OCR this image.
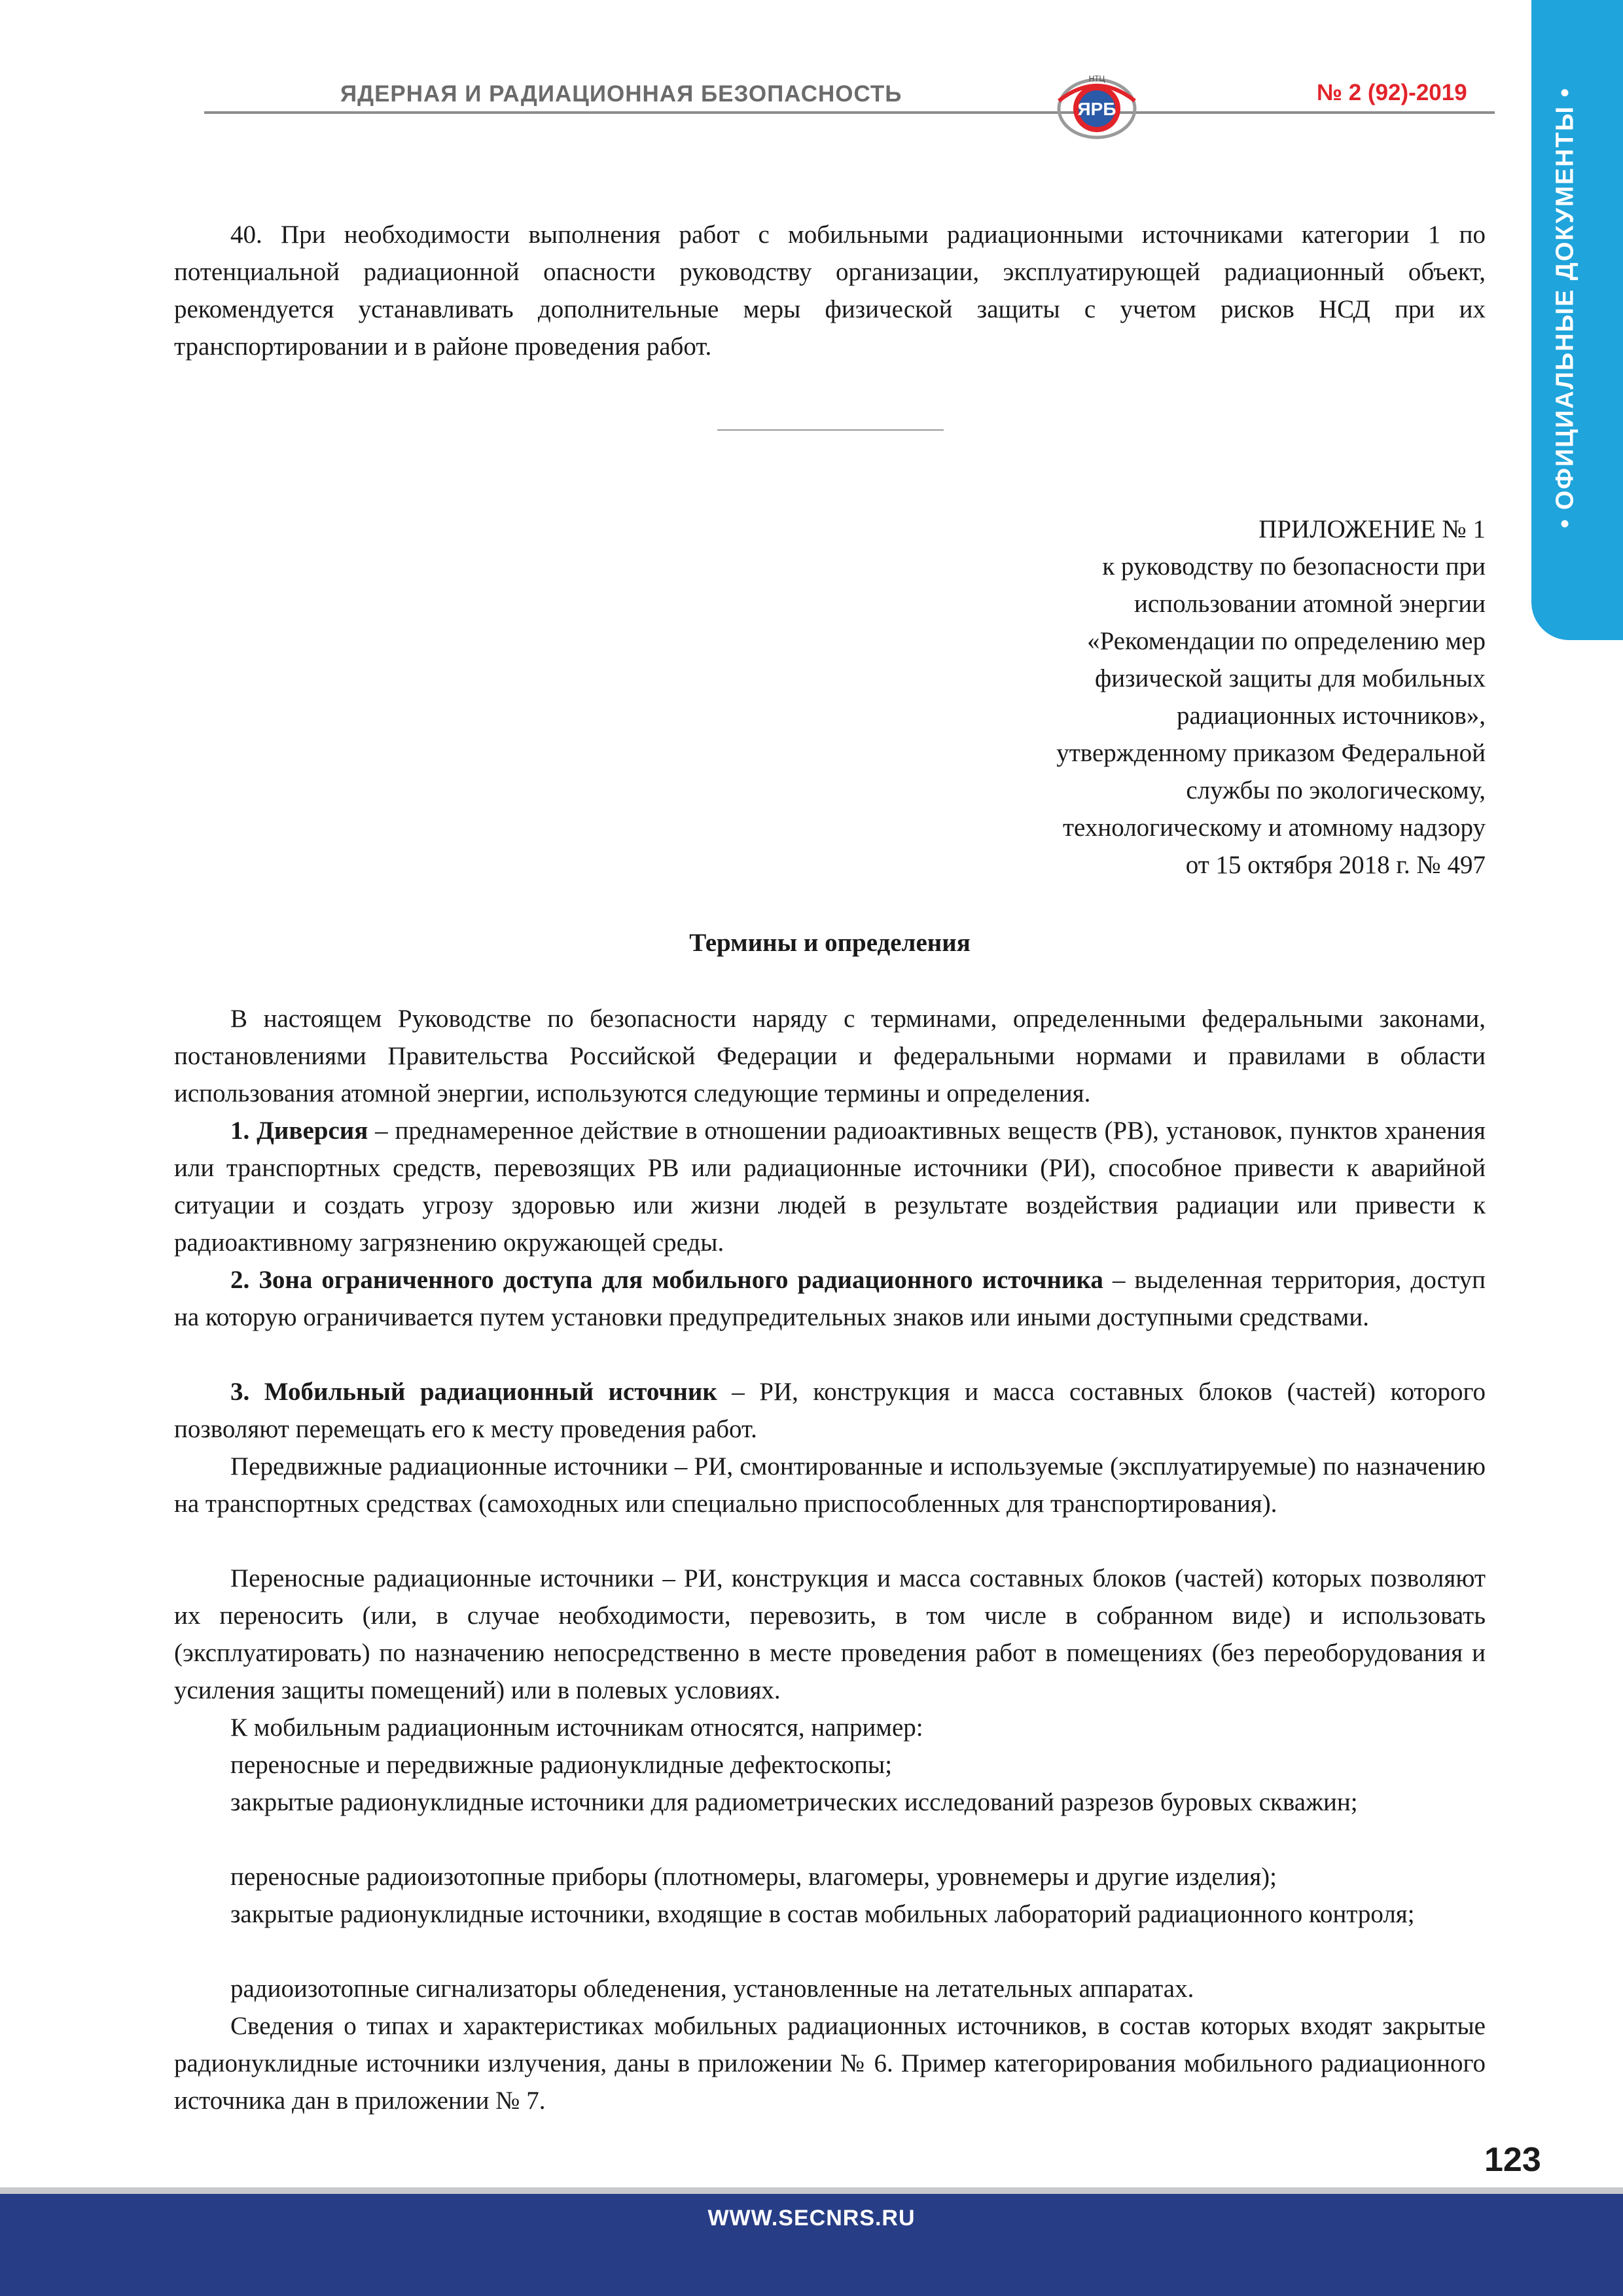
ЯДЕРНАЯ И РАДИАЦИОННАЯ БЕЗОПАСНОСТЬ	№ 2 (92)-2019
НТЦ
ЯРБ	• ОФИЦИАЛЬНЫЕ ДОКУМЕНТЫ •
40. При необходимости выполнения работ с мобильными радиационными источниками категории 1 по потенциальной радиационной опасности руководству организации, эксплуатирующей радиационный объект, рекомендуется устанавливать дополнительные меры физической защиты с учетом рисков НСД при их транспортировании и в районе проведения работ.
ПРИЛОЖЕНИЕ № 1
к руководству по безопасности при
использовании атомной энергии
«Рекомендации по определению мер
физической защиты для мобильных
радиационных источников»,
утвержденному приказом Федеральной
службы по экологическому,
технологическому и атомному надзору
от 15 октября 2018 г. № 497
Термины и определения
В настоящем Руководстве по безопасности наряду с терминами, определенными федеральными законами, постановлениями Правительства Российской Федерации и федеральными нормами и правилами в области использования атомной энергии, используются следующие термины и определения.
1. Диверсия – преднамеренное действие в отношении радиоактивных веществ (РВ), установок, пунктов хранения или транспортных средств, перевозящих РВ или радиационные источники (РИ), способное привести к аварийной ситуации и создать угрозу здоровью или жизни людей в результате воздействия радиации или привести к радиоактивному загрязнению окружающей среды.
2. Зона ограниченного доступа для мобильного радиационного источника – выделенная территория, доступ на которую ограничивается путем установки предупредительных знаков или иными доступными средствами.
3. Мобильный радиационный источник – РИ, конструкция и масса составных блоков (частей) которого позволяют перемещать его к месту проведения работ.
Передвижные радиационные источники – РИ, смонтированные и используемые (эксплуатируемые) по назначению на транспортных средствах (самоходных или специально приспособленных для транспортирования).
Переносные радиационные источники – РИ, конструкция и масса составных блоков (частей) которых позволяют их переносить (или, в случае необходимости, перевозить, в том числе в собранном виде) и использовать (эксплуатировать) по назначению непосредственно в месте проведения работ в помещениях (без переоборудования и усиления защиты помещений) или в полевых условиях.
К мобильным радиационным источникам относятся, например:
переносные и передвижные радионуклидные дефектоскопы;
закрытые радионуклидные источники для радиометрических исследований разрезов буровых скважин;
переносные радиоизотопные приборы (плотномеры, влагомеры, уровнемеры и другие изделия);
закрытые радионуклидные источники, входящие в состав мобильных лабораторий радиационного контроля;
радиоизотопные сигнализаторы обледенения, установленные на летательных аппаратах.
Сведения о типах и характеристиках мобильных радиационных источников, в состав которых входят закрытые радионуклидные источники излучения, даны в приложении № 6. Пример категорирования мобильного радиационного источника дан в приложении № 7.
123
WWW.SECNRS.RU
